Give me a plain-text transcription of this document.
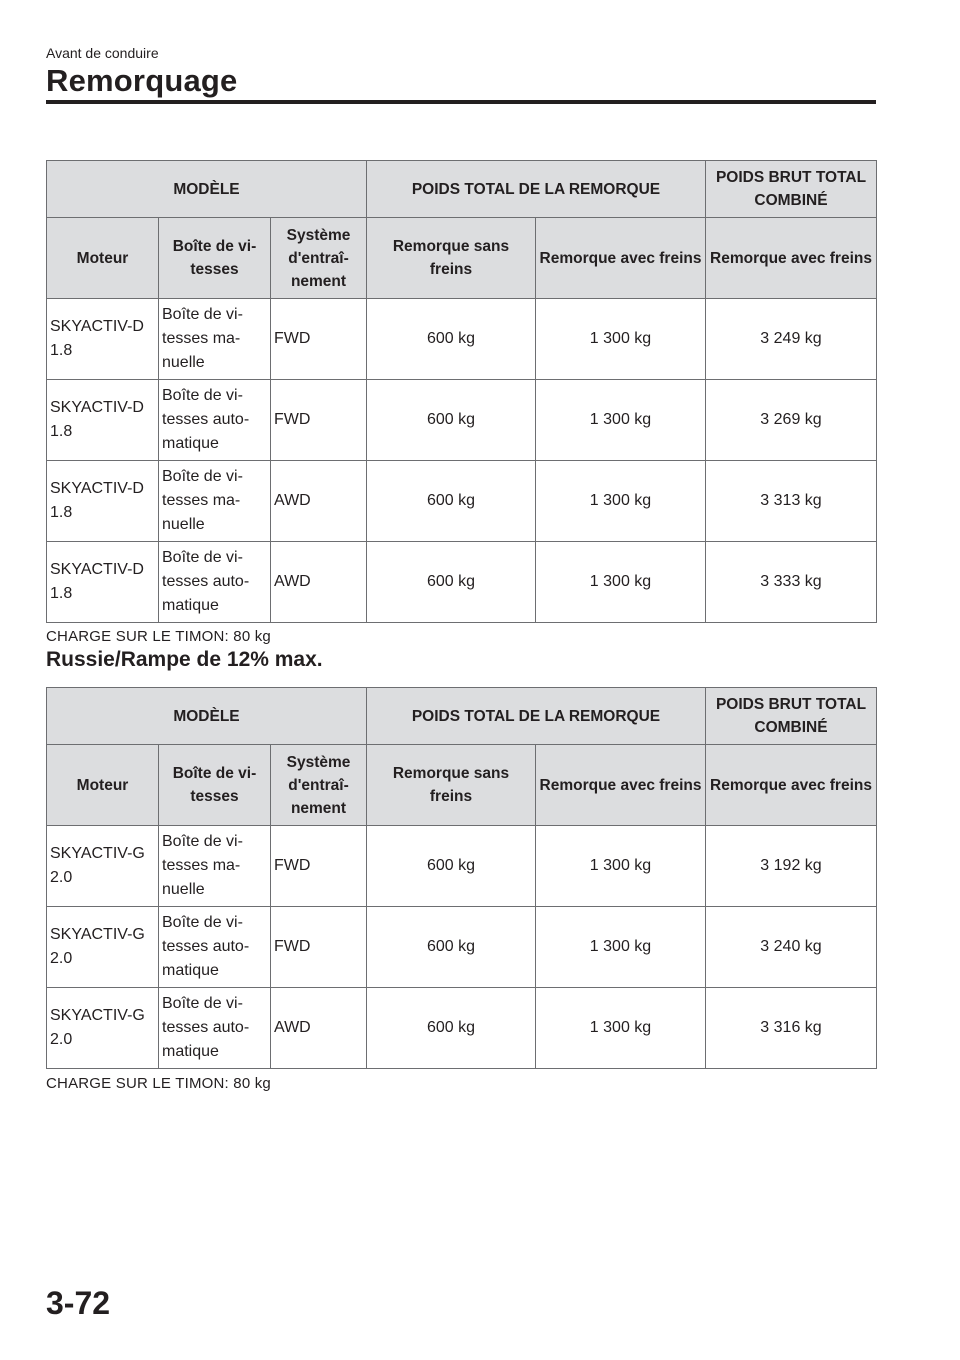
Avant de conduire

Remorquage
MODÈLE			POIDS TOTAL DE LA REMORQUE		POIDS BRUT TOTAL COMBINÉ
Moteur	Boîte de vi-tesses	Système d'entraî-nement	Remorque sans freins	Remorque avec freins	Remorque avec freins
SKYACTIV-D 1.8	Boîte de vi-tesses ma-nuelle	FWD	600 kg	1 300 kg	3 249 kg
SKYACTIV-D 1.8	Boîte de vi-tesses auto-matique	FWD	600 kg	1 300 kg	3 269 kg
SKYACTIV-D 1.8	Boîte de vi-tesses ma-nuelle	AWD	600 kg	1 300 kg	3 313 kg
SKYACTIV-D 1.8	Boîte de vi-tesses auto-matique	AWD	600 kg	1 300 kg	3 333 kg

CHARGE SUR LE TIMON: 80 kg

Russie/Rampe de 12% max.
MODÈLE			POIDS TOTAL DE LA REMORQUE		POIDS BRUT TOTAL COMBINÉ
Moteur	Boîte de vi-tesses	Système d'entraî-nement	Remorque sans freins	Remorque avec freins	Remorque avec freins
SKYACTIV-G 2.0	Boîte de vi-tesses ma-nuelle	FWD	600 kg	1 300 kg	3 192 kg
SKYACTIV-G 2.0	Boîte de vi-tesses auto-matique	FWD	600 kg	1 300 kg	3 240 kg
SKYACTIV-G 2.0	Boîte de vi-tesses auto-matique	AWD	600 kg	1 300 kg	3 316 kg

CHARGE SUR LE TIMON: 80 kg

3-72
